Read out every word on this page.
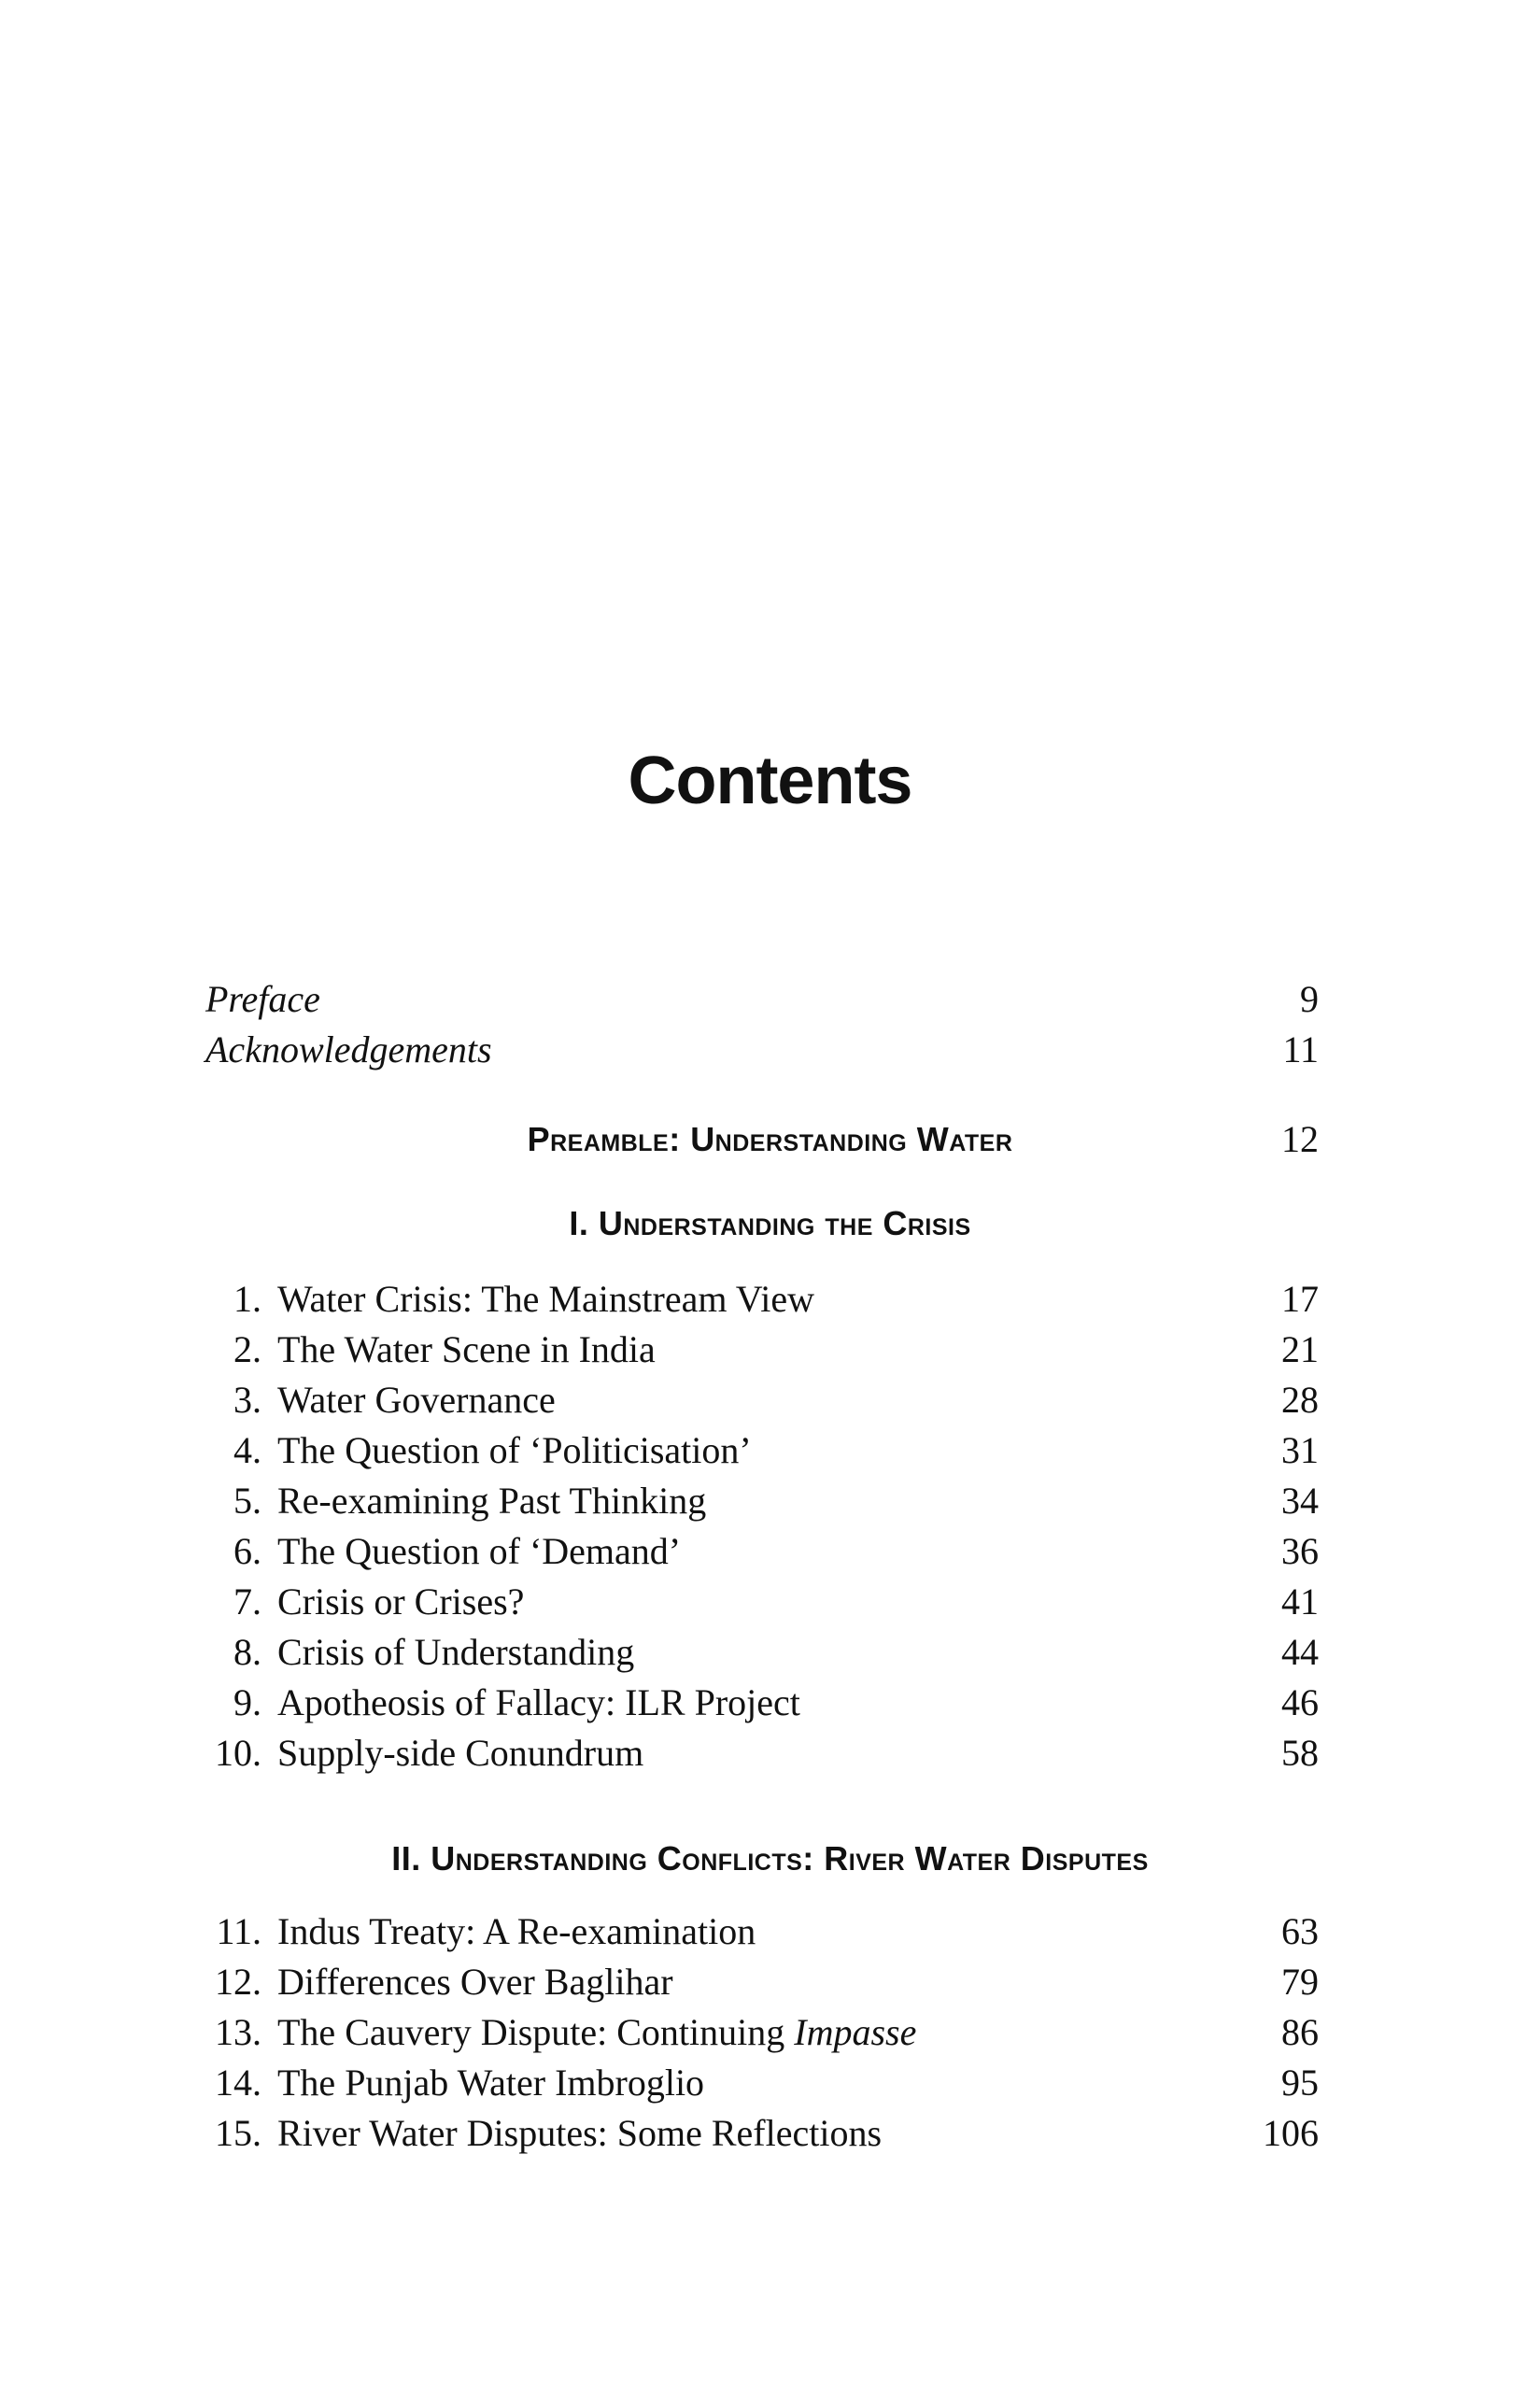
Contents
Preface	9
Acknowledgements	11
Preamble: Understanding Water	12
I. Understanding the Crisis
1. Water Crisis: The Mainstream View	17
2. The Water Scene in India	21
3. Water Governance	28
4. The Question of ‘Politicisation’	31
5. Re-examining Past Thinking	34
6. The Question of ‘Demand’	36
7. Crisis or Crises?	41
8. Crisis of Understanding	44
9. Apotheosis of Fallacy: ILR Project	46
10. Supply-side Conundrum	58
II. Understanding Conflicts: River Water Disputes
11. Indus Treaty: A Re-examination	63
12. Differences Over Baglihar	79
13. The Cauvery Dispute: Continuing Impasse	86
14. The Punjab Water Imbroglio	95
15. River Water Disputes: Some Reflections	106
